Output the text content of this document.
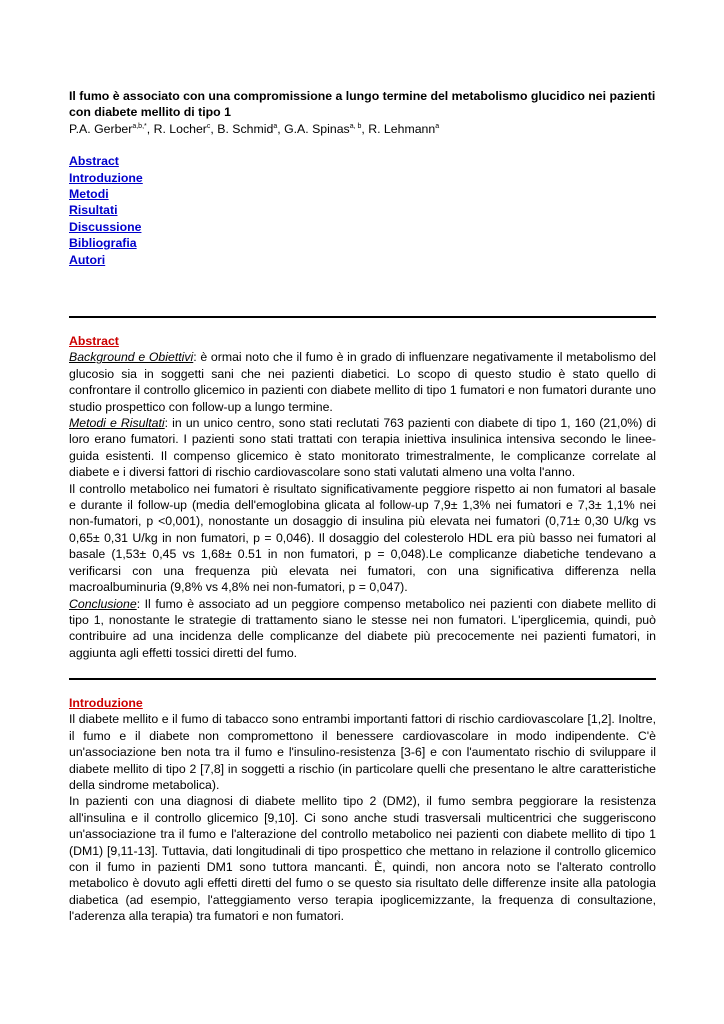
Il fumo è associato con una compromissione a lungo termine del metabolismo glucidico nei pazienti con diabete mellito di tipo 1

P.A. Gerber$^{a,b,*}$, R. Locher$^c$, B. Schmid$^a$, G.A. Spinas$^{a, b}$, R. Lehmann$^a$

Abstract
Introduzione
Metodi
Risultati
Discussione
Bibliografia
Autori

Abstract

Background e Obiettivi: è ormai noto che il fumo è in grado di influenzare negativamente il metabolismo del glucosio sia in soggetti sani che nei pazienti diabetici. Lo scopo di questo studio è stato quello di confrontare il controllo glicemico in pazienti con diabete mellito di tipo 1 fumatori e non fumatori durante uno studio prospettico con follow-up a lungo termine.

Metodi e Risultati: in un unico centro, sono stati reclutati 763 pazienti con diabete di tipo 1, 160 (21,0%) di loro erano fumatori. I pazienti sono stati trattati con terapia iniettiva insulinica intensiva secondo le linee-guida esistenti. Il compenso glicemico è stato monitorato trimestralmente, le complicanze correlate al diabete e i diversi fattori di rischio cardiovascolare sono stati valutati almeno una volta l'anno.

Il controllo metabolico nei fumatori è risultato significativamente peggiore rispetto ai non fumatori al basale e durante il follow-up (media dell'emoglobina glicata al follow-up 7,9± 1,3% nei fumatori e 7,3± 1,1% nei non-fumatori, p <0,001), nonostante un dosaggio di insulina più elevata nei fumatori (0,71± 0,30 U/kg vs 0,65± 0,31 U/kg in non fumatori, p = 0,046). Il dosaggio del colesterolo HDL era più basso nei fumatori al basale (1,53± 0,45 vs 1,68± 0.51 in non fumatori, p = 0,048).Le complicanze diabetiche tendevano a verificarsi con una frequenza più elevata nei fumatori, con una significativa differenza nella macroalbuminuria (9,8% vs 4,8% nei non-fumatori, p = 0,047).

Conclusione: Il fumo è associato ad un peggiore compenso metabolico nei pazienti con diabete mellito di tipo 1, nonostante le strategie di trattamento siano le stesse nei non fumatori. L'iperglicemia, quindi, può contribuire ad una incidenza delle complicanze del diabete più precocemente nei pazienti fumatori, in aggiunta agli effetti tossici diretti del fumo.

Introduzione

Il diabete mellito e il fumo di tabacco sono entrambi importanti fattori di rischio cardiovascolare [1,2]. Inoltre, il fumo e il diabete non compromettono il benessere cardiovascolare in modo indipendente. C'è un'associazione ben nota tra il fumo e l'insulino-resistenza [3-6] e con l'aumentato rischio di sviluppare il diabete mellito di tipo 2 [7,8] in soggetti a rischio (in particolare quelli che presentano le altre caratteristiche della sindrome metabolica).

In pazienti con una diagnosi di diabete mellito tipo 2 (DM2), il fumo sembra peggiorare la resistenza all'insulina e il controllo glicemico [9,10]. Ci sono anche studi trasversali multicentrici che suggeriscono un'associazione tra il fumo e l'alterazione del controllo metabolico nei pazienti con diabete mellito di tipo 1 (DM1) [9,11-13]. Tuttavia, dati longitudinali di tipo prospettico che mettano in relazione il controllo glicemico con il fumo in pazienti DM1 sono tuttora mancanti. È, quindi, non ancora noto se l'alterato controllo metabolico è dovuto agli effetti diretti del fumo o se questo sia risultato delle differenze insite alla patologia diabetica (ad esempio, l'atteggiamento verso terapia ipoglicemizzante, la frequenza di consultazione, l'aderenza alla terapia) tra fumatori e non fumatori.
